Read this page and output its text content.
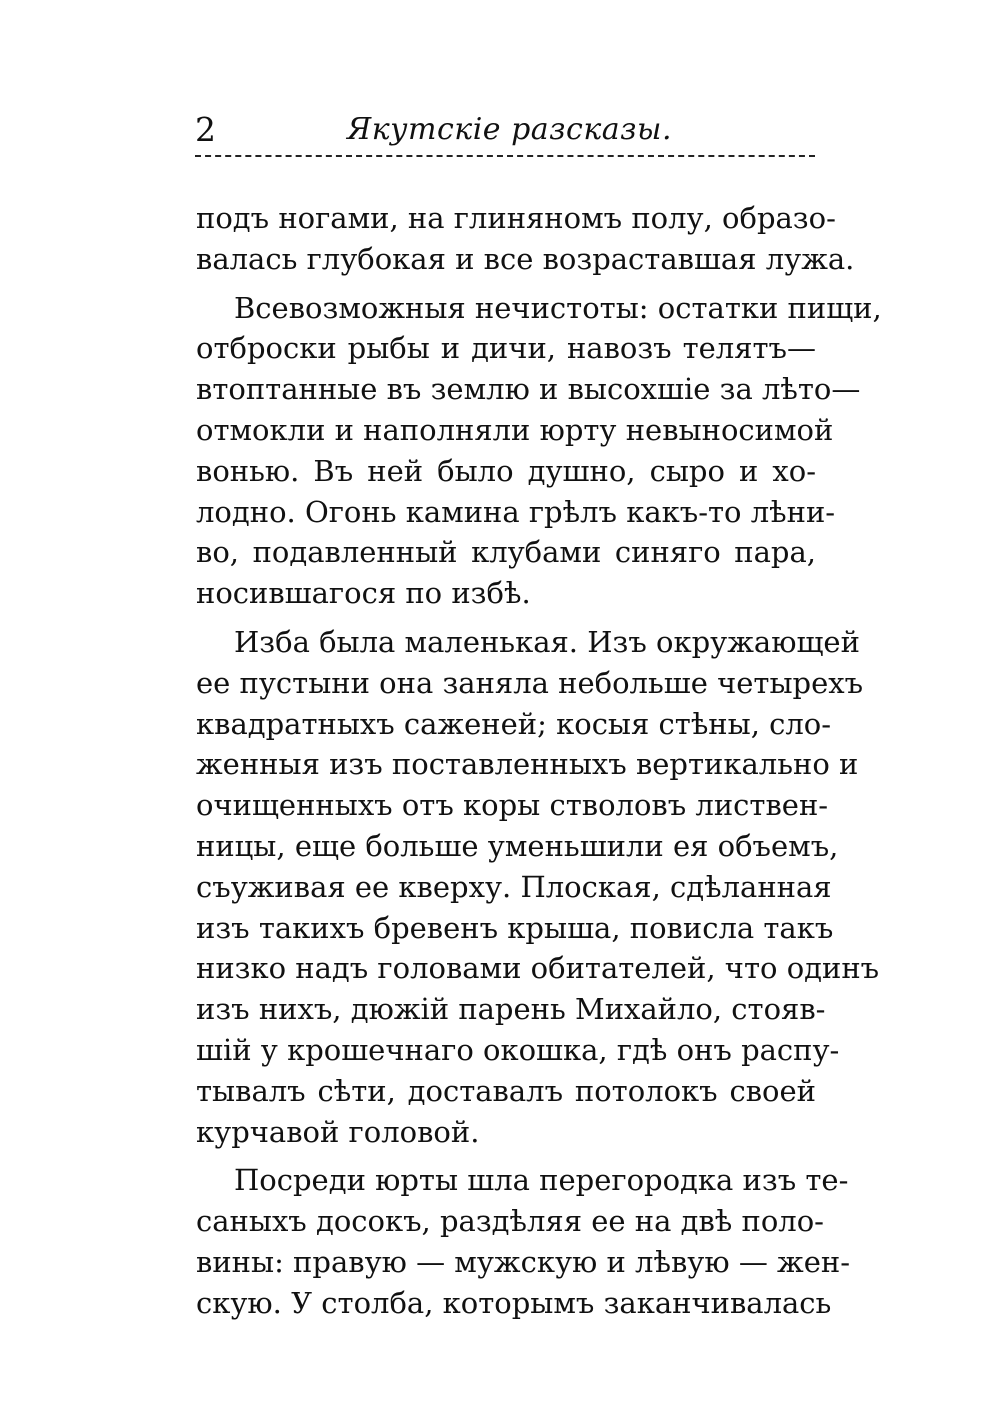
2	Якутскіе разсказы.
подъ ногами, на глиняномъ полу, образо-
валась глубокая и все возраставшая лужа.
Всевозможныя нечистоты: остатки пищи,
отброски рыбы и дичи, навозъ телятъ—
втоптанные въ землю и высохшіе за лѣто—
отмокли и наполняли юрту невыносимой
вонью. Въ ней было душно, сыро и хо-
лодно. Огонь камина грѣлъ какъ-то лѣни-
во, подавленный клубами синяго пара,
носившагося по избѣ.
Изба была маленькая. Изъ окружающей
ее пустыни она заняла небольше четырехъ
квадратныхъ саженей; косыя стѣны, сло-
женныя изъ поставленныхъ вертикально и
очищенныхъ отъ коры стволовъ листвен-
ницы, еще больше уменьшили ея объемъ,
съуживая ее кверху. Плоская, сдѣланная
изъ такихъ бревенъ крыша, повисла такъ
низко надъ головами обитателей, что одинъ
изъ нихъ, дюжій парень Михайло, стояв-
шій у крошечнаго окошка, гдѣ онъ распу-
тывалъ сѣти, доставалъ потолокъ своей
курчавой головой.
Посреди юрты шла перегородка изъ те-
саныхъ досокъ, раздѣляя ее на двѣ поло-
вины: правую — мужскую и лѣвую — жен-
скую. У столба, которымъ заканчивалась
